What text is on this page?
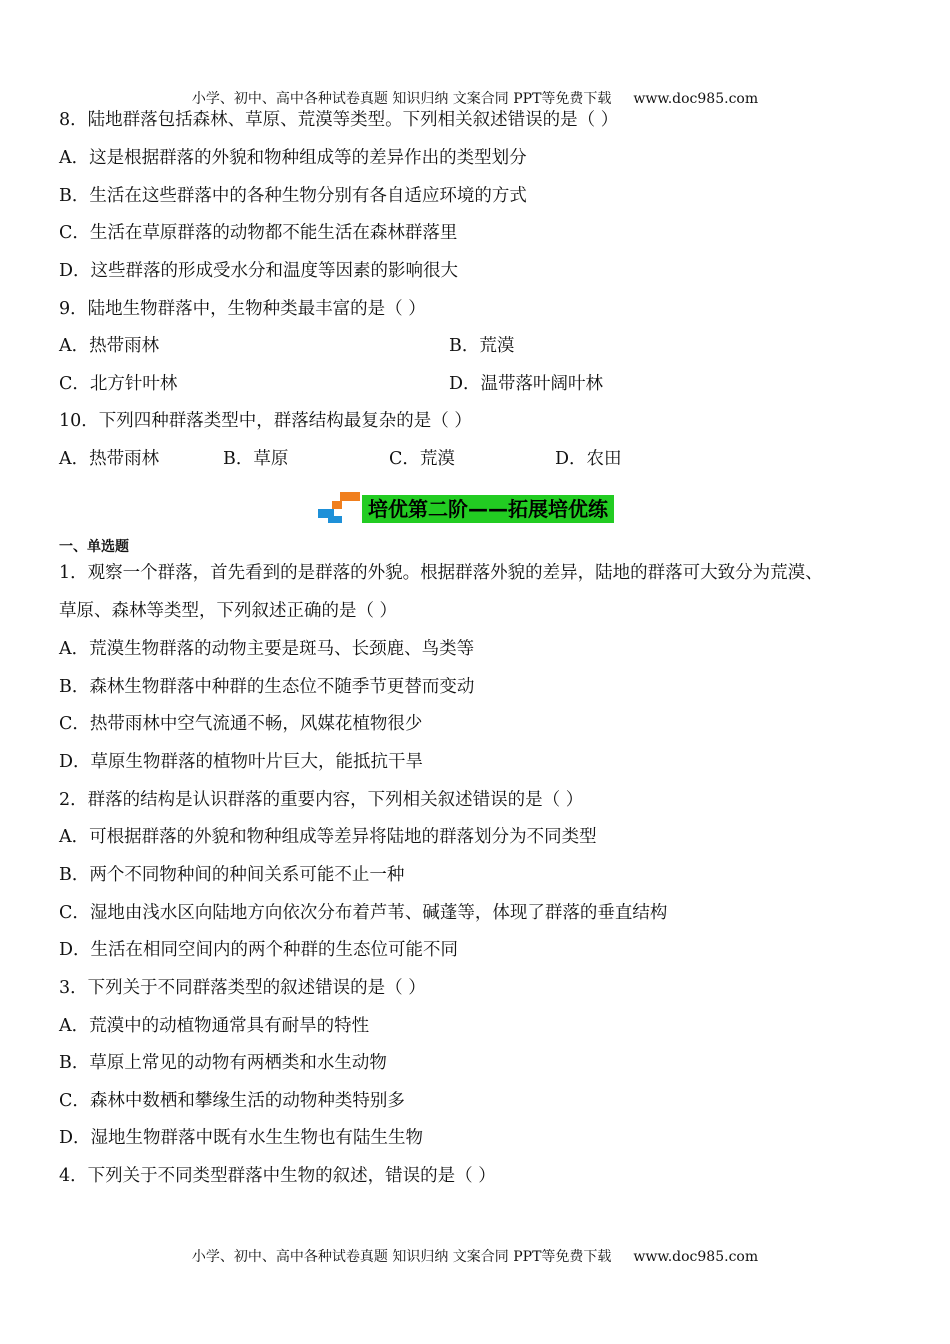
小学、初中、高中各种试卷真题 知识归纳 文案合同 PPT等免费下载 www.doc985.com
8．陆地群落包括森林、草原、荒漠等类型。下列相关叙述错误的是（ ）
A．这是根据群落的外貌和物种组成等的差异作出的类型划分
B．生活在这些群落中的各种生物分别有各自适应环境的方式
C．生活在草原群落的动物都不能生活在森林群落里
D．这些群落的形成受水分和温度等因素的影响很大
9．陆地生物群落中，生物种类最丰富的是（ ）
A．热带雨林	B．荒漠
C．北方针叶林	D．温带落叶阔叶林
10．下列四种群落类型中，群落结构最复杂的是（ ）
A．热带雨林	B．草原	C．荒漠	D．农田
培优第二阶——拓展培优练
一、单选题
1．观察一个群落，首先看到的是群落的外貌。根据群落外貌的差异，陆地的群落可大致分为荒漠、
草原、森林等类型，下列叙述正确的是（ ）
A．荒漠生物群落的动物主要是斑马、长颈鹿、鸟类等
B．森林生物群落中种群的生态位不随季节更替而变动
C．热带雨林中空气流通不畅，风媒花植物很少
D．草原生物群落的植物叶片巨大，能抵抗干旱
2．群落的结构是认识群落的重要内容，下列相关叙述错误的是（ ）
A．可根据群落的外貌和物种组成等差异将陆地的群落划分为不同类型
B．两个不同物种间的种间关系可能不止一种
C．湿地由浅水区向陆地方向依次分布着芦苇、碱蓬等，体现了群落的垂直结构
D．生活在相同空间内的两个种群的生态位可能不同
3．下列关于不同群落类型的叙述错误的是（ ）
A．荒漠中的动植物通常具有耐旱的特性
B．草原上常见的动物有两栖类和水生动物
C．森林中数栖和攀缘生活的动物种类特别多
D．湿地生物群落中既有水生生物也有陆生生物
4．下列关于不同类型群落中生物的叙述，错误的是（ ）
小学、初中、高中各种试卷真题 知识归纳 文案合同 PPT等免费下载 www.doc985.com
